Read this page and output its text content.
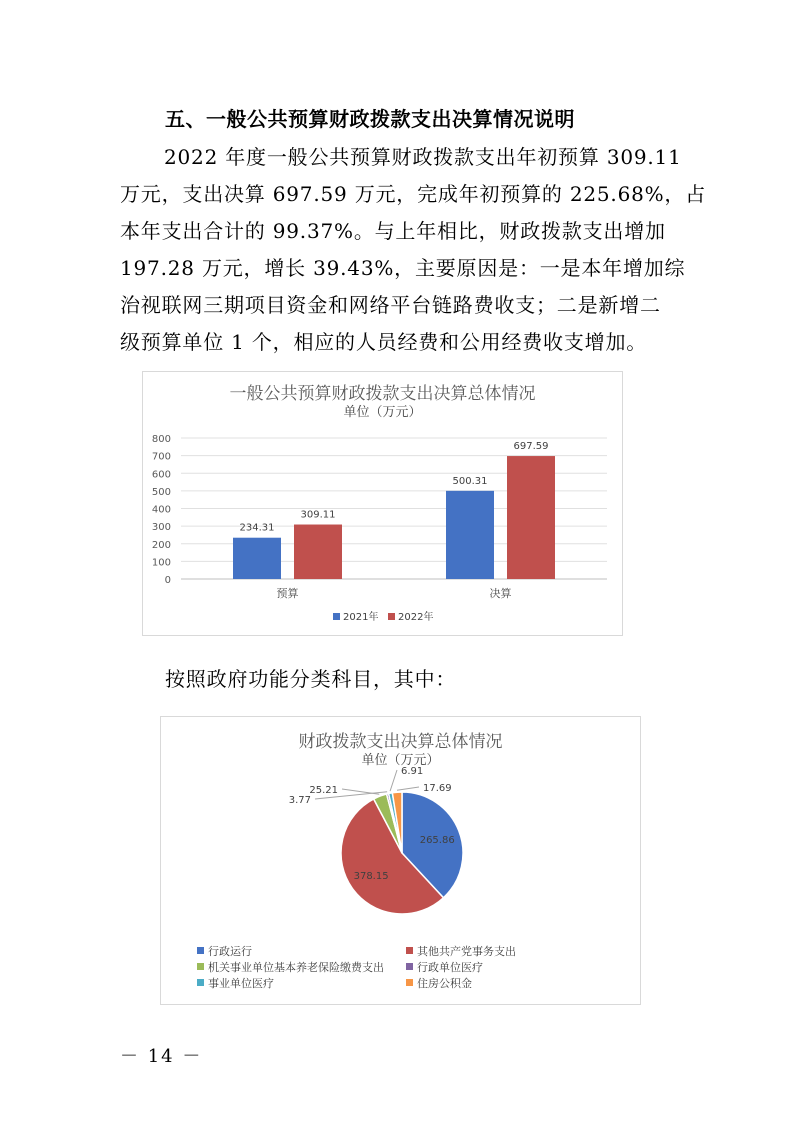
五、一般公共预算财政拨款支出决算情况说明
2022 年度一般公共预算财政拨款支出年初预算 309.11
万元，支出决算 697.59 万元，完成年初预算的 225.68%，占
本年支出合计的 99.37%。与上年相比，财政拨款支出增加
197.28 万元，增长 39.43%，主要原因是：一是本年增加综
治视联网三期项目资金和网络平台链路费收支；二是新增二
级预算单位 1 个，相应的人员经费和公用经费收支增加。
一般公共预算财政拨款支出决算总体情况
单位（万元）
0
100
200
300
400
500
600
700
800
234.31
309.11
预算
500.31
697.59
决算
2021年 2022年
按照政府功能分类科目，其中：
财政拨款支出决算总体情况
单位（万元）
265.86
378.15
25.21
3.77
6.91
17.69
行政运行	其他共产党事务支出
机关事业单位基本养老保险缴费支出	行政单位医疗
事业单位医疗	住房公积金
－ 14 －
